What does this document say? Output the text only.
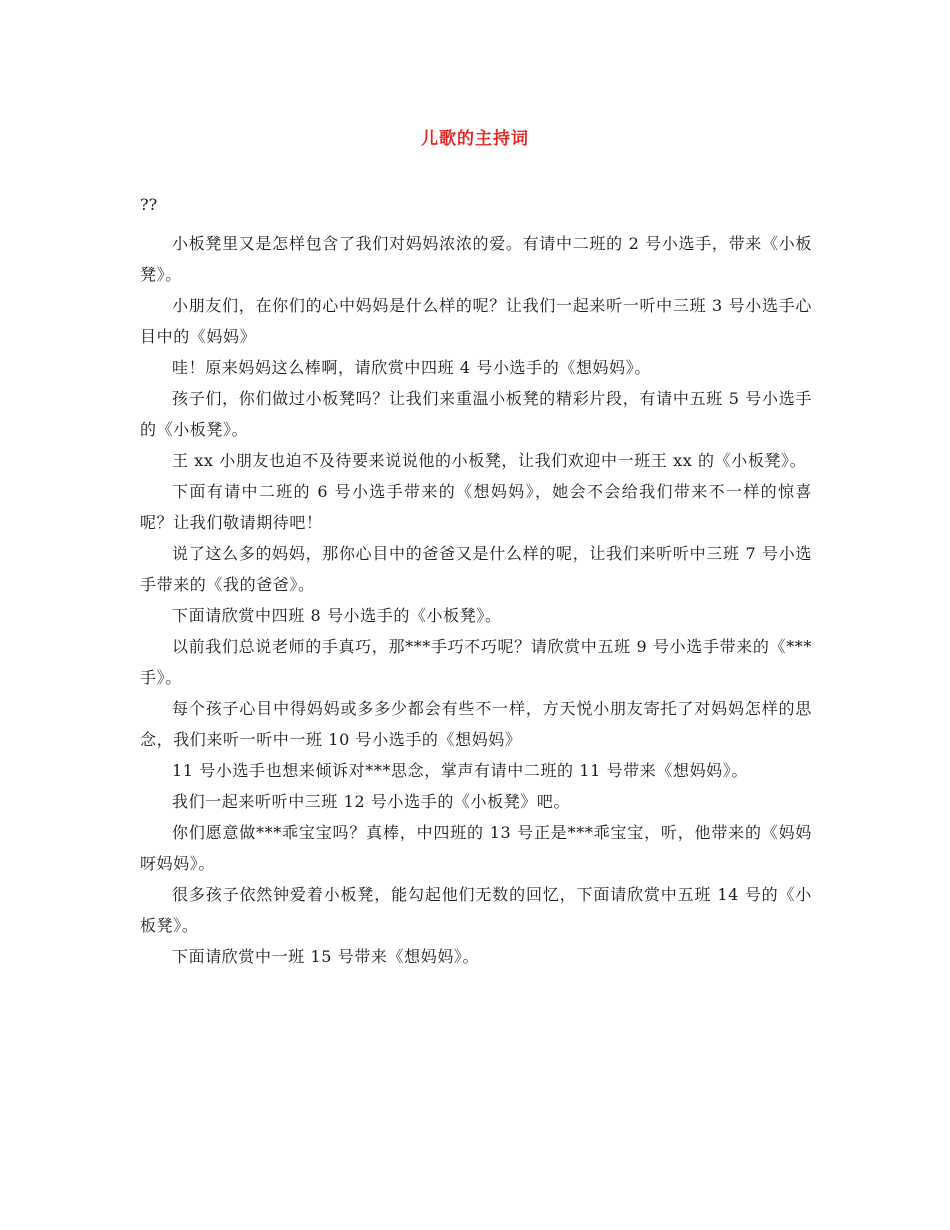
儿歌的主持词
??

小板凳里又是怎样包含了我们对妈妈浓浓的爱。有请中二班的 2 号小选手，带来《小板凳》。

小朋友们，在你们的心中妈妈是什么样的呢？让我们一起来听一听中三班 3 号小选手心目中的《妈妈》

哇！原来妈妈这么棒啊，请欣赏中四班 4 号小选手的《想妈妈》。

孩子们，你们做过小板凳吗？让我们来重温小板凳的精彩片段，有请中五班 5 号小选手的《小板凳》。

王 xx 小朋友也迫不及待要来说说他的小板凳，让我们欢迎中一班王 xx 的《小板凳》。

下面有请中二班的 6 号小选手带来的《想妈妈》，她会不会给我们带来不一样的惊喜呢？让我们敬请期待吧！

说了这么多的妈妈，那你心目中的爸爸又是什么样的呢，让我们来听听中三班 7 号小选手带来的《我的爸爸》。

下面请欣赏中四班 8 号小选手的《小板凳》。

以前我们总说老师的手真巧，那***手巧不巧呢？请欣赏中五班 9 号小选手带来的《***手》。

每个孩子心目中得妈妈或多多少都会有些不一样，方天悦小朋友寄托了对妈妈怎样的思念，我们来听一听中一班 10 号小选手的《想妈妈》

11 号小选手也想来倾诉对***思念，掌声有请中二班的 11 号带来《想妈妈》。

我们一起来听听中三班 12 号小选手的《小板凳》吧。

你们愿意做***乖宝宝吗？真棒，中四班的 13 号正是***乖宝宝，听，他带来的《妈妈呀妈妈》。

很多孩子依然钟爱着小板凳，能勾起他们无数的回忆，下面请欣赏中五班 14 号的《小板凳》。

下面请欣赏中一班 15 号带来《想妈妈》。
